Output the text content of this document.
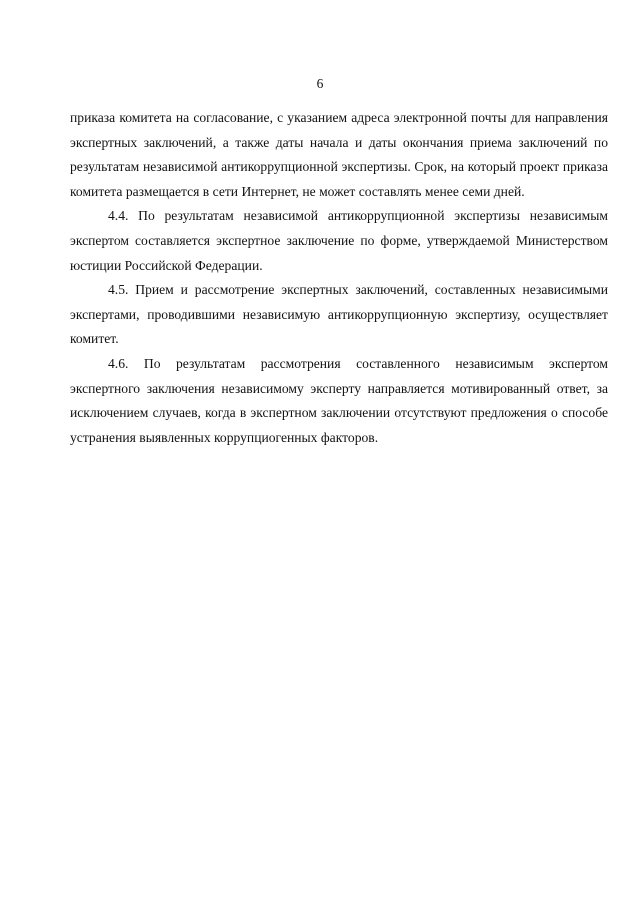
6

приказа комитета на согласование, с указанием адреса электронной почты для направления экспертных заключений, а также даты начала и даты окончания приема заключений по результатам независимой антикоррупционной экспертизы. Срок, на который проект приказа комитета размещается в сети Интернет, не может составлять менее семи дней.

4.4. По результатам независимой антикоррупционной экспертизы независимым экспертом составляется экспертное заключение по форме, утверждаемой Министерством юстиции Российской Федерации.

4.5. Прием и рассмотрение экспертных заключений, составленных независимыми экспертами, проводившими независимую антикоррупционную экспертизу, осуществляет комитет.

4.6. По результатам рассмотрения составленного независимым экспертом экспертного заключения независимому эксперту направляется мотивированный ответ, за исключением случаев, когда в экспертном заключении отсутствуют предложения о способе устранения выявленных коррупциогенных факторов.
